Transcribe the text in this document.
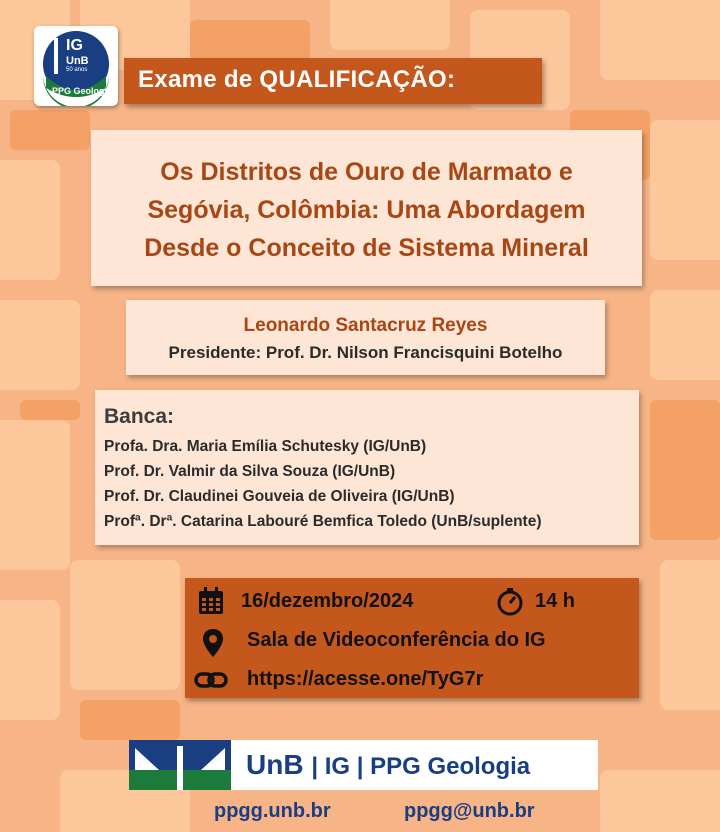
IG
UnB
50 anos
PPG Geologia Exame de QUALIFICAÇÃO:
Os Distritos de Ouro de Marmato e
Segóvia, Colômbia: Uma Abordagem
Desde o Conceito de Sistema Mineral
Leonardo Santacruz Reyes
Presidente: Prof. Dr. Nilson Francisquini Botelho
Banca:
Profa. Dra. Maria Emília Schutesky (IG/UnB)
Prof. Dr. Valmir da Silva Souza (IG/UnB)
Prof. Dr. Claudinei Gouveia de Oliveira (IG/UnB)
Profª. Drª. Catarina Labouré Bemfica Toledo (UnB/suplente)
16/dezembro/2024	14 h
Sala de Videoconferência do IG
https://acesse.one/TyG7r
UnB | IG | PPG Geologia
ppgg.unb.br	ppgg@unb.br
